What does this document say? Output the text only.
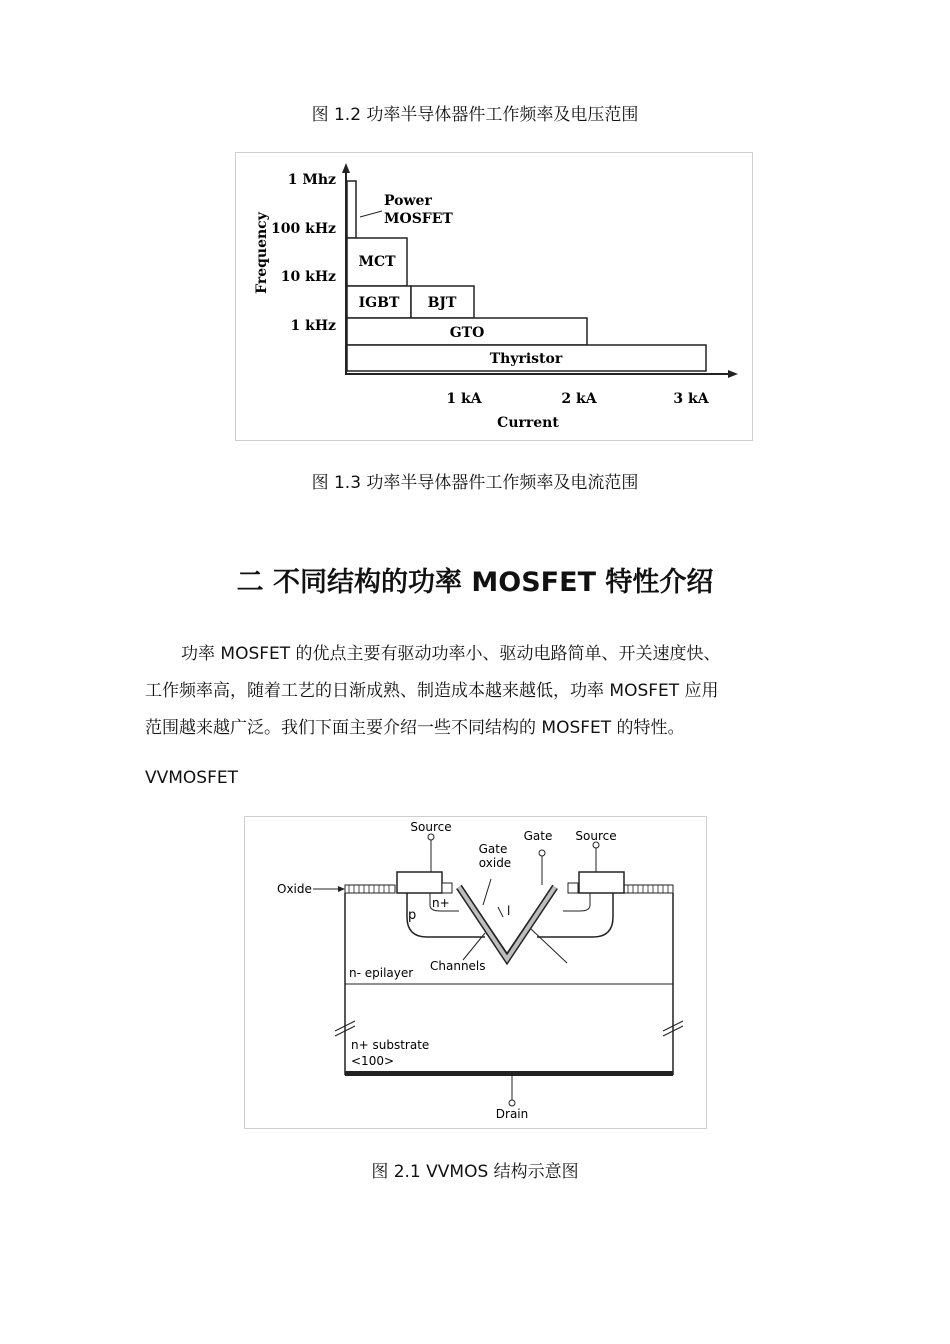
图 1.2 功率半导体器件工作频率及电压范围
1 Mhz
100 kHz
10 kHz
1 kHz
Frequency
1 kA	2 kA	3 kA
Current
Power
MOSFET
MCT
IGBT BJT
GTO
Thyristor
图 1.3 功率半导体器件工作频率及电流范围
二 不同结构的功率 MOSFET 特性介绍

功率 MOSFET 的优点主要有驱动功率小、驱动电路简单、开关速度快、

工作频率高，随着工艺的日渐成熟、制造成本越来越低，功率 MOSFET 应用

范围越来越广泛。我们下面主要介绍一些不同结构的 MOSFET 的特性。

VVMOSFET
Source
Gate Source
Gate
oxide
Oxide
n+
p	l
Channels
n- epilayer
n+ substrate
<100>
Drain
图 2.1 VVMOS 结构示意图
